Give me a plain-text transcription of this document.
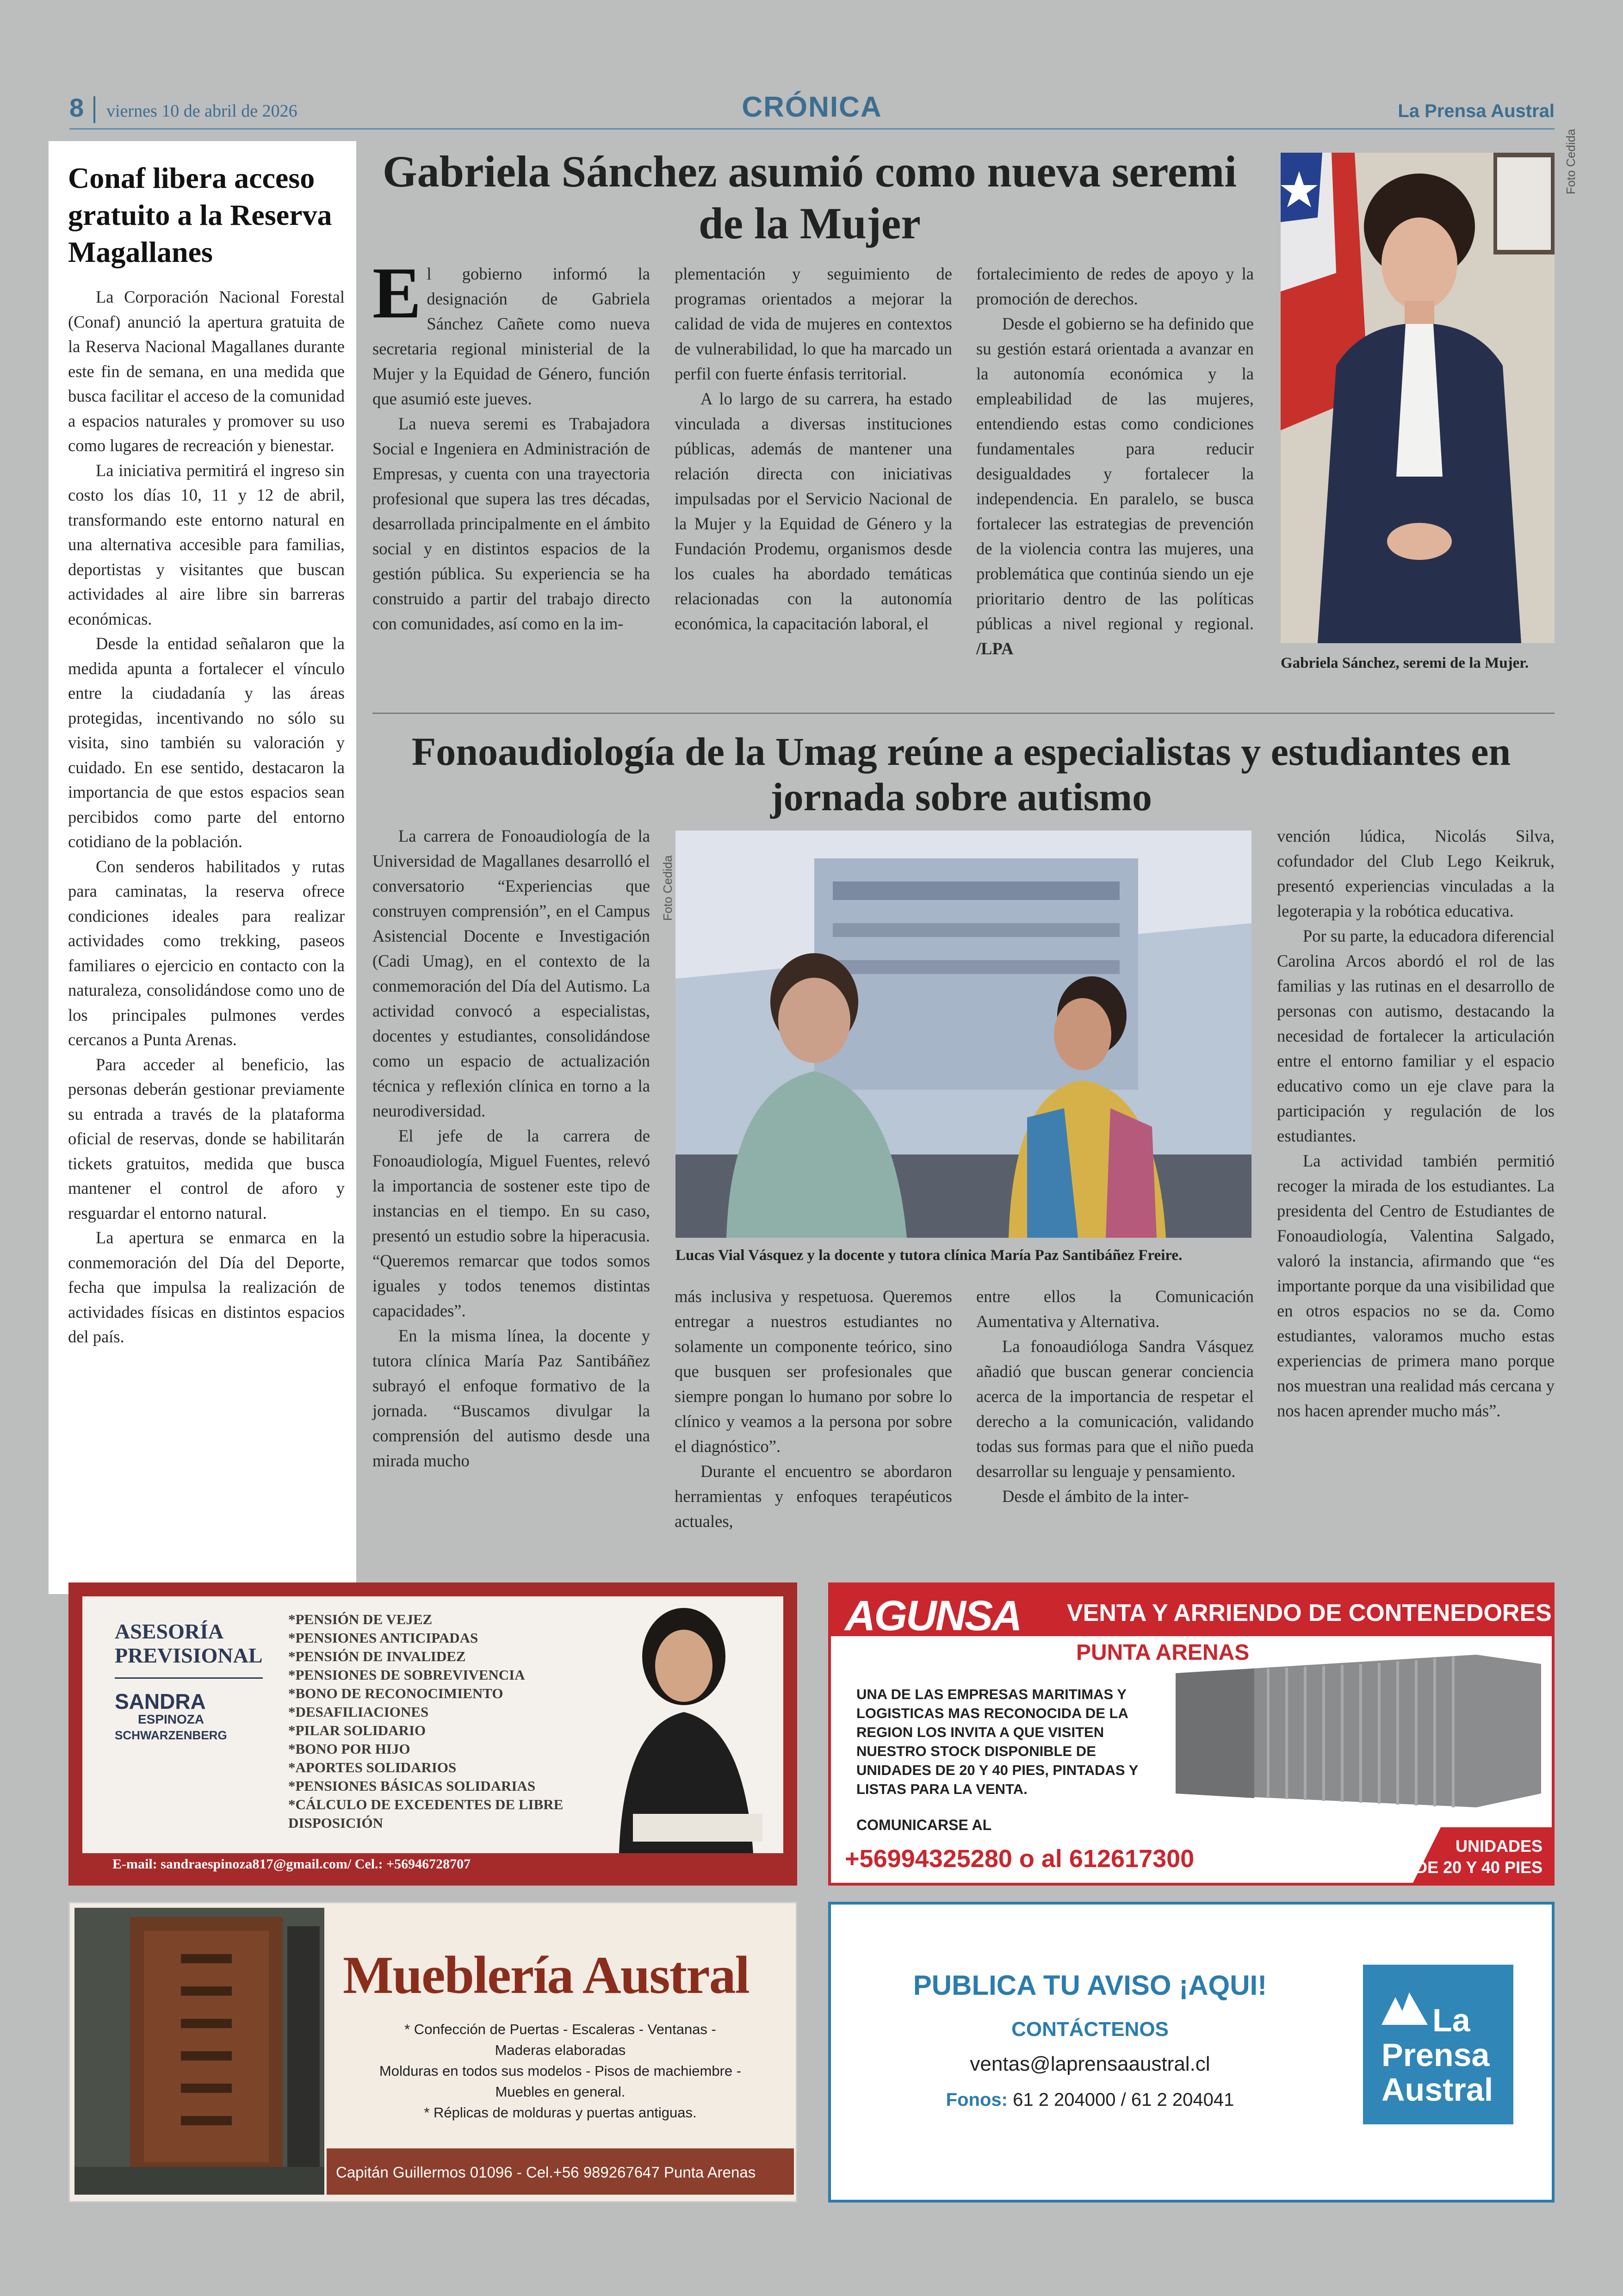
8 viernes 10 de abril de 2026	CRÓNICA	La Prensa Austral
Conaf libera acceso gratuito a la Reserva Magallanes

La Corporación Nacional Forestal (Conaf) anunció la apertura gratuita de la Reserva Nacional Magallanes durante este fin de semana, en una medida que busca facilitar el acceso de la comunidad a espacios naturales y promover su uso como lugares de recreación y bienestar.

La iniciativa permitirá el ingreso sin costo los días 10, 11 y 12 de abril, transformando este entorno natural en una alternativa accesible para familias, deportistas y visitantes que buscan actividades al aire libre sin barreras económicas.

Desde la entidad señalaron que la medida apunta a fortalecer el vínculo entre la ciudadanía y las áreas protegidas, incentivando no sólo su visita, sino también su valoración y cuidado. En ese sentido, destacaron la importancia de que estos espacios sean percibidos como parte del entorno cotidiano de la población.

Con senderos habilitados y rutas para caminatas, la reserva ofrece condiciones ideales para realizar actividades como trekking, paseos familiares o ejercicio en contacto con la naturaleza, consolidándose como uno de los principales pulmones verdes cercanos a Punta Arenas.

Para acceder al beneficio, las personas deberán gestionar previamente su entrada a través de la plataforma oficial de reservas, donde se habilitarán tickets gratuitos, medida que busca mantener el control de aforo y resguardar el entorno natural.

La apertura se enmarca en la conmemoración del Día del Deporte, fecha que impulsa la realización de actividades físicas en distintos espacios del país.

Gabriela Sánchez asumió como nueva seremi de la Mujer

El gobierno informó la designación de Gabriela Sánchez Cañete como nueva secretaria regional ministerial de la Mujer y la Equidad de Género, función que asumió este jueves.

La nueva seremi es Trabajadora Social e Ingeniera en Administración de Empresas, y cuenta con una trayectoria profesional que supera las tres décadas, desarrollada principalmente en el ámbito social y en distintos espacios de la gestión pública. Su experiencia se ha construido a partir del trabajo directo con comunidades, así como en la im-

plementación y seguimiento de programas orientados a mejorar la calidad de vida de mujeres en contextos de vulnerabilidad, lo que ha marcado un perfil con fuerte énfasis territorial.

A lo largo de su carrera, ha estado vinculada a diversas instituciones públicas, además de mantener una relación directa con iniciativas impulsadas por el Servicio Nacional de la Mujer y la Equidad de Género y la Fundación Prodemu, organismos desde los cuales ha abordado temáticas relacionadas con la autonomía económica, la capacitación laboral, el

fortalecimiento de redes de apoyo y la promoción de derechos.

Desde el gobierno se ha definido que su gestión estará orientada a avanzar en la autonomía económica y la empleabilidad de las mujeres, entendiendo estas como condiciones fundamentales para reducir desigualdades y fortalecer la independencia. En paralelo, se busca fortalecer las estrategias de prevención de la violencia contra las mujeres, una problemática que continúa siendo un eje prioritario dentro de las políticas públicas a nivel regional y regional. /LPA

Foto Cedida
Gabriela Sánchez, seremi de la Mujer.
Fonoaudiología de la Umag reúne a especialistas y estudiantes en jornada sobre autismo

La carrera de Fonoaudiología de la Universidad de Magallanes desarrolló el conversatorio “Experiencias que construyen comprensión”, en el Campus Asistencial Docente e Investigación (Cadi Umag), en el contexto de la conmemoración del Día del Autismo. La actividad convocó a especialistas, docentes y estudiantes, consolidándose como un espacio de actualización técnica y reflexión clínica en torno a la neurodiversidad.

El jefe de la carrera de Fonoaudiología, Miguel Fuentes, relevó la importancia de sostener este tipo de instancias en el tiempo. En su caso, presentó un estudio sobre la hiperacusia. “Queremos remarcar que todos somos iguales y todos tenemos distintas capacidades”.

En la misma línea, la docente y tutora clínica María Paz Santibáñez subrayó el enfoque formativo de la jornada. “Buscamos divulgar la comprensión del autismo desde una mirada mucho

Foto Cedida
Lucas Vial Vásquez y la docente y tutora clínica María Paz Santibáñez Freire.

más inclusiva y respetuosa. Queremos entregar a nuestros estudiantes no solamente un componente teórico, sino que busquen ser profesionales que siempre pongan lo humano por sobre lo clínico y veamos a la persona por sobre el diagnóstico”.

Durante el encuentro se abordaron herramientas y enfoques terapéuticos actuales,

entre ellos la Comunicación Aumentativa y Alternativa.

La fonoaudióloga Sandra Vásquez añadió que buscan generar conciencia acerca de la importancia de respetar el derecho a la comunicación, validando todas sus formas para que el niño pueda desarrollar su lenguaje y pensamiento.

Desde el ámbito de la inter-

vención lúdica, Nicolás Silva, cofundador del Club Lego Keikruk, presentó experiencias vinculadas a la legoterapia y la robótica educativa.

Por su parte, la educadora diferencial Carolina Arcos abordó el rol de las familias y las rutinas en el desarrollo de personas con autismo, destacando la necesidad de fortalecer la articulación entre el entorno familiar y el espacio educativo como un eje clave para la participación y regulación de los estudiantes.

La actividad también permitió recoger la mirada de los estudiantes. La presidenta del Centro de Estudiantes de Fonoaudiología, Valentina Salgado, valoró la instancia, afirmando que “es importante porque da una visibilidad que en otros espacios no se da. Como estudiantes, valoramos mucho estas experiencias de primera mano porque nos muestran una realidad más cercana y nos hacen aprender mucho más”.

ASESORÍA
PREVISIONAL
SANDRA
ESPINOZA
SCHWARZENBERG
*PENSIÓN DE VEJEZ
*PENSIONES ANTICIPADAS
*PENSIÓN DE INVALIDEZ
*PENSIONES DE SOBREVIVENCIA
*BONO DE RECONOCIMIENTO
*DESAFILIACIONES
*PILAR SOLIDARIO
*BONO POR HIJO
*APORTES SOLIDARIOS
*PENSIONES BÁSICAS SOLIDARIAS
*CÁLCULO DE EXCEDENTES DE LIBRE DISPOSICIÓN
E-mail: sandraespinoza817@gmail.com/ Cel.: +56946728707
AGUNSA VENTA Y ARRIENDO DE CONTENEDORES
PUNTA ARENAS
UNA DE LAS EMPRESAS MARITIMAS Y LOGISTICAS MAS RECONOCIDA DE LA REGION LOS INVITA A QUE VISITEN NUESTRO STOCK DISPONIBLE DE UNIDADES DE 20 Y 40 PIES, PINTADAS Y LISTAS PARA LA VENTA.
COMUNICARSE AL
+56994325280 o al 612617300	UNIDADES
DE 20 Y 40 PIES
Mueblería Austral
* Confección de Puertas - Escaleras - Ventanas -
Maderas elaboradas
Molduras en todos sus modelos - Pisos de machiembre -
Muebles en general.
* Réplicas de molduras y puertas antiguas.
Capitán Guillermos 01096 - Cel.+56 989267647 Punta Arenas
PUBLICA TU AVISO ¡AQUI!
CONTÁCTENOS
ventas@laprensaaustral.cl
Fonos: 61 2 204000 / 61 2 204041
La
Prensa
Austral
